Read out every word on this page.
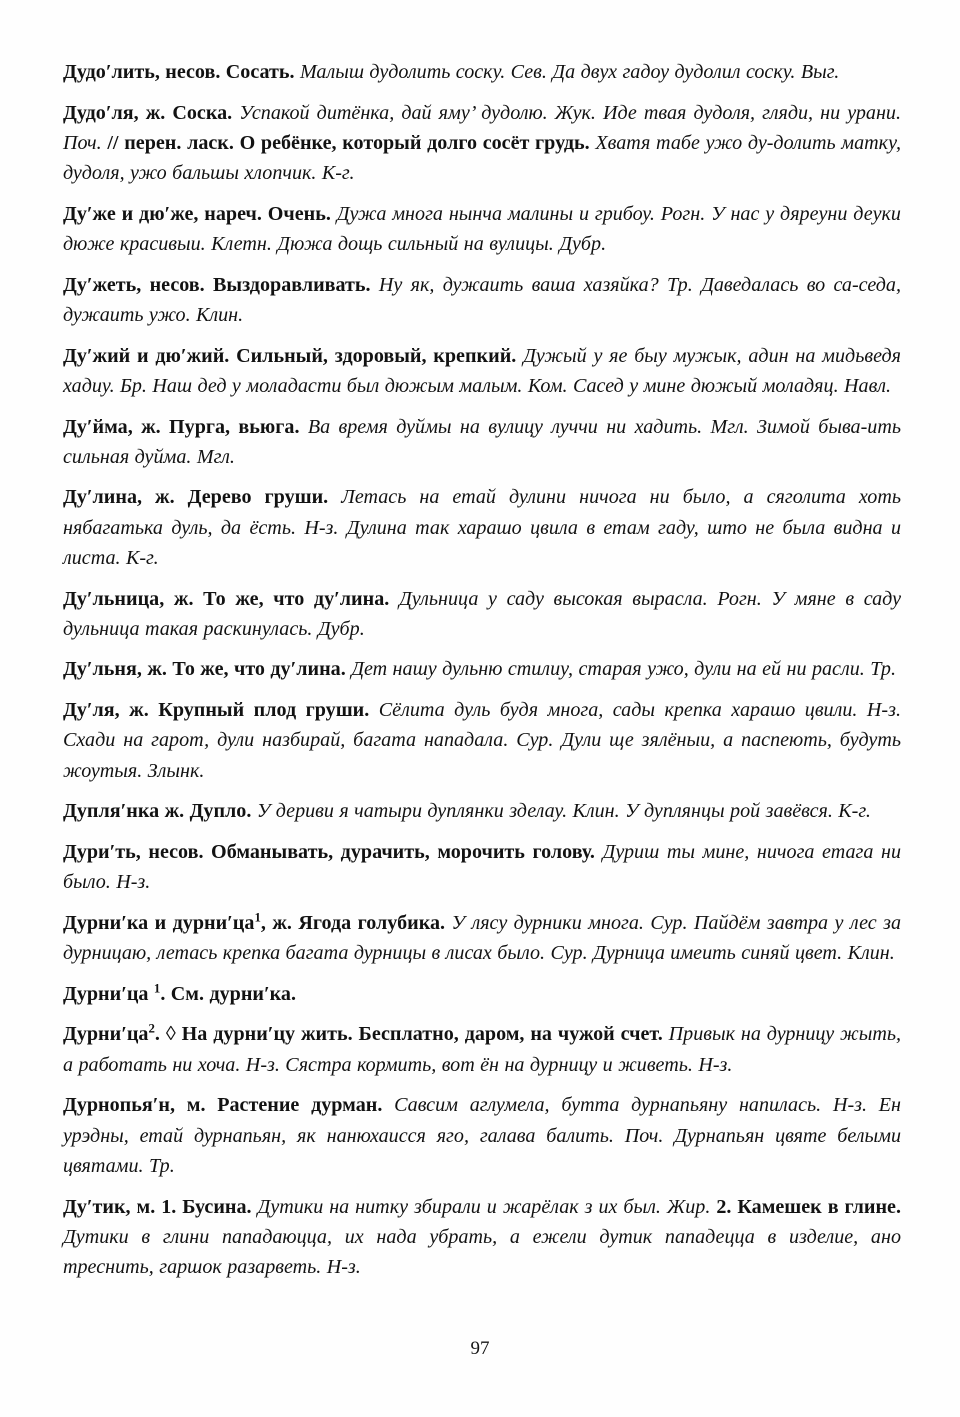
Дудо′лить, несов. Сосать. Малыш дудолить соску. Сев. Да двух гадоу дудолил соску. Выг.

Дудо′ля, ж. Соска. Успакой дитёнка, дай яму’ дудолю. Жук. Иде твая дудоля, гляди, ни урани. Поч. // перен. ласк. О ребёнке, который долго сосёт грудь. Хватя табе ужо ду-долить матку, дудоля, ужо бальшы хлопчик. К-г.

Ду′же и дю′же, нареч. Очень. Дужа многа нынча малины и грибоу. Рогн. У нас у дяреуни деуки дюже красивыи. Клетн. Дюжа дощь сильный на вулицы. Дубр.

Ду′жеть, несов. Выздоравливать. Ну як, дужаить ваша хазяйка? Тр. Даведалась во са-седа, дужаить ужо. Клин.

Ду′жий и дю′жий. Сильный, здоровый, крепкий. Дужый у яе быу мужык, адин на мидьведя хадиу. Бр. Наш дед у моладасти был дюжым малым. Ком. Сасед у мине дюжый моладяц. Навл.

Ду′йма, ж. Пурга, вьюга. Ва время дуймы на вулицу луччи ни хадить. Мгл. Зимой быва-ить сильная дуйма. Мгл.

Ду′лина, ж. Дерево груши. Летась на етай дулини ничога ни было, а сяголита хоть нябагатька дуль, да ёсть. Н-з. Дулина так харашо цвила в етам гаду, што не была видна и листа. К-г.

Ду′льница, ж. То же, что ду′лина. Дульница у саду высокая вырасла. Рогн. У мяне в саду дульница такая раскинулась. Дубр.

Ду′льня, ж. То же, что ду′лина. Дет нашу дульню стилиу, старая ужо, дули на ей ни расли. Тр.

Ду′ля, ж. Крупный плод груши. Сёлита дуль будя многа, сады крепка харашо цвили. Н-з. Схади на гарот, дули назбирай, багата нападала. Сур. Дули ще зялёныи, а паспеють, будуть жоутыя. Злынк.

Дупля′нка ж. Дупло. У дериви я чатыри дуплянки зделау. Клин. У дуплянцы рой завёвся. К-г.

Дури′ть, несов. Обманывать, дурачить, морочить голову. Дуриш ты мине, ничога етага ни было. Н-з.

Дурни′ка и $дурни'ца^1$, ж. Ягода голубика. У лясу дурники многа. Сур. Пайдём завтра у лес за дурницаю, летась крепка багата дурницы в лисах было. Сур. Дурница имеить синяй цвет. Клин.

Дурни′ца $^1$. См. дурни′ка.

$Дурни'ца^2$. ◊ На дурни′цу жить. Бесплатно, даром, на чужой счет. Привык на дурницу жыть, а работать ни хоча. Н-з. Сястра кормить, вот ён на дурницу и живеть. Н-з.

Дурнопья′н, м. Растение дурман. Савсим аглумела, бутта дурнапьяну напилась. Н-з. Ен урэдны, етай дурнапьян, як нанюхаисся яго, галава балить. Поч. Дурнапьян цвяте белыми цвятами. Тр.

Ду′тик, м. 1. Бусина. Дутики на нитку збирали и жарёлак з их был. Жир. 2. Камешек в глине. Дутики в глини пападаюцца, их нада убрать, а ежели дутик пападецца в изделие, ано треснить, гаршок разарветь. Н-з.

97
